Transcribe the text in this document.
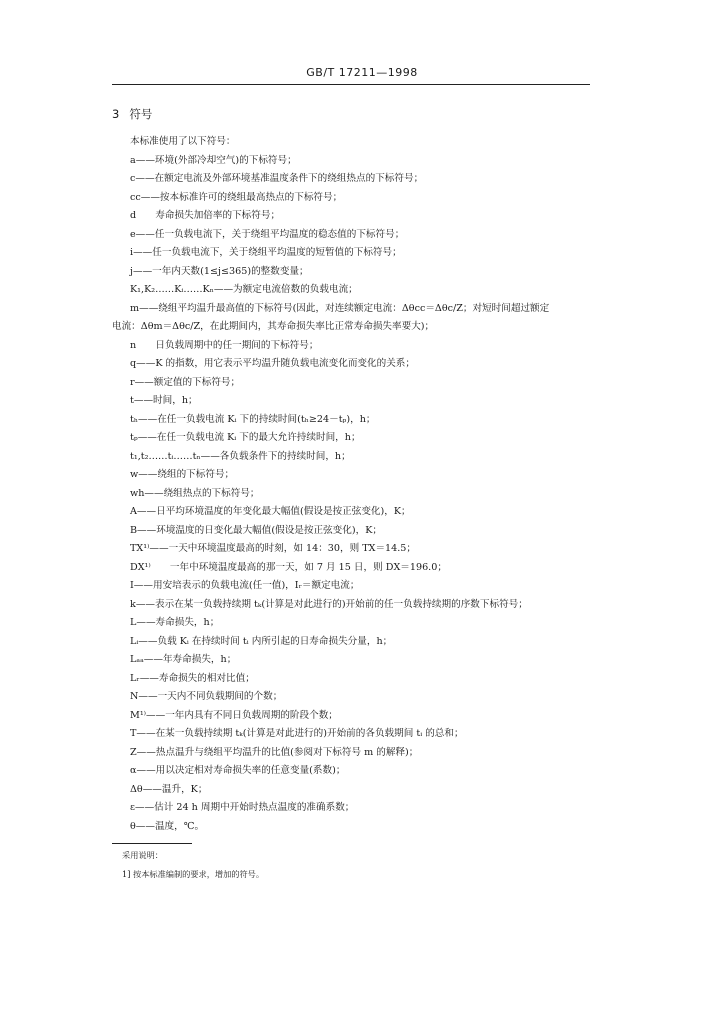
GB/T 17211—1998
3 符号
本标准使用了以下符号：
a——环境(外部冷却空气)的下标符号；
c——在额定电流及外部环境基准温度条件下的绕组热点的下标符号；
cc——按本标准许可的绕组最高热点的下标符号；
d　　寿命损失加倍率的下标符号；
e——任一负载电流下，关于绕组平均温度的稳态值的下标符号；
i——任一负载电流下，关于绕组平均温度的短暂值的下标符号；
j——一年内天数(1≤j≤365)的整数变量；
K₁,K₂……Kᵢ……Kₙ——为额定电流倍数的负载电流；
m——绕组平均温升最高值的下标符号(因此，对连续额定电流：Δθcc＝Δθc/Z；对短时间超过额定
电流：Δθm＝Δθc/Z，在此期间内，其寿命损失率比正常寿命损失率要大)；
n　　日负载周期中的任一期间的下标符号；
q——K 的指数，用它表示平均温升随负载电流变化而变化的关系；
r——额定值的下标符号；
t——时间，h；
tₕ——在任一负载电流 Kᵢ 下的持续时间(tₕ≥24－tₚ)，h；
tₚ——在任一负载电流 Kᵢ 下的最大允许持续时间，h；
t₁,t₂……tᵢ……tₙ——各负载条件下的持续时间，h；
w——绕组的下标符号；
wh——绕组热点的下标符号；
A——日平均环境温度的年变化最大幅值(假设是按正弦变化)，K；
B——环境温度的日变化最大幅值(假设是按正弦变化)，K；
TX¹⁾——一天中环境温度最高的时刻，如 14：30，则 TX＝14.5；
DX¹⁾　　一年中环境温度最高的那一天，如 7 月 15 日，则 DX＝196.0；
I——用安培表示的负载电流(任一值)，Iᵣ＝额定电流；
k——表示在某一负载持续期 tₖ(计算是对此进行的)开始前的任一负载持续期的序数下标符号；
L——寿命损失，h；
Lᵢ——负载 Kᵢ 在持续时间 tᵢ 内所引起的日寿命损失分量，h；
Lₐₐ——年寿命损失，h；
Lᵣ——寿命损失的相对比值；
N——一天内不同负载期间的个数；
M¹⁾——一年内具有不同日负载周期的阶段个数；
T——在某一负载持续期 tₖ(计算是对此进行的)开始前的各负载期间 tᵢ 的总和；
Z——热点温升与绕组平均温升的比值(参阅对下标符号 m 的解释)；
α——用以决定相对寿命损失率的任意变量(系数)；
Δθ——温升，K；
ε——估计 24 h 周期中开始时热点温度的准确系数；
θ——温度，℃。
采用说明：
1] 按本标准编制的要求，增加的符号。
